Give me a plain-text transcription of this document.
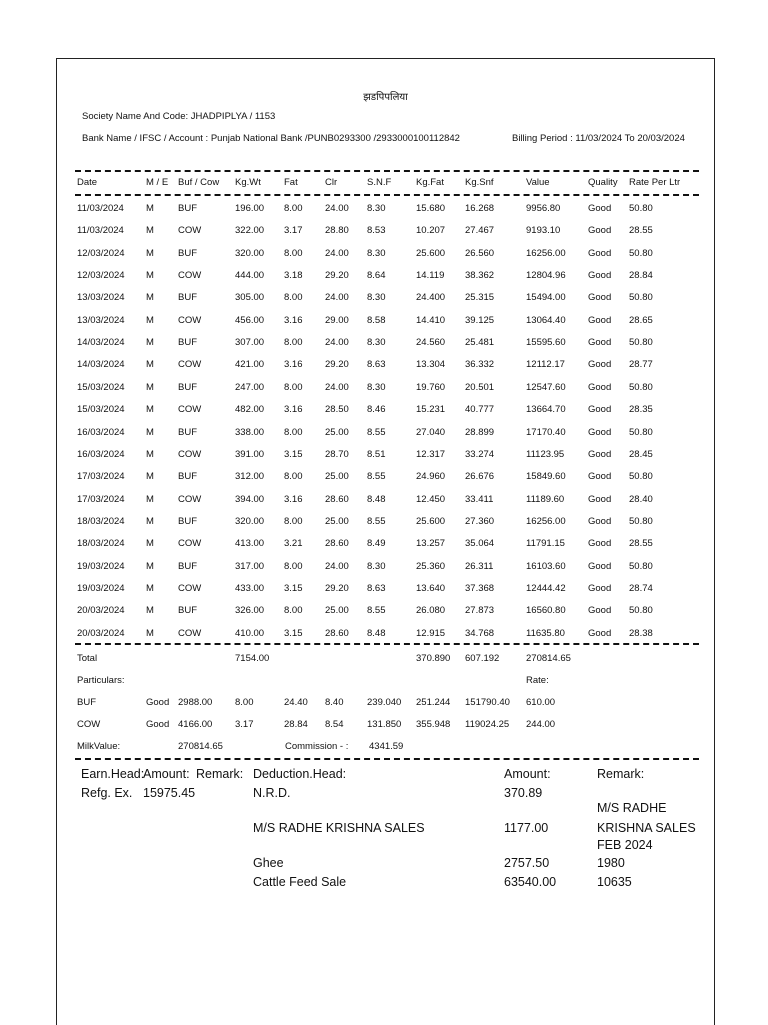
झडपिपलिया
Society Name And Code: JHADPIPLYA / 1153
Bank Name / IFSC / Account : Punjab National Bank /PUNB0293300 /2933000100112842	Billing Period : 11/03/2024 To 20/03/2024
Date	M / E Buf / Cow Kg.Wt Fat	Clr	S.N.F	Kg.Fat Kg.Snf	Value	Quality Rate Per Ltr
11/03/2024 M	BUF	196.00 8.00 24.00 8.30	15.680 16.268	9956.80	Good 50.80
11/03/2024 M	COW	322.00 3.17 28.80 8.53	10.207 27.467	9193.10	Good 28.55
12/03/2024 M	BUF	320.00 8.00 24.00 8.30	25.600 26.560	16256.00 Good 50.80
12/03/2024 M	COW	444.00 3.18 29.20 8.64	14.119 38.362	12804.96 Good 28.84
13/03/2024 M	BUF	305.00 8.00 24.00 8.30	24.400 25.315	15494.00 Good 50.80
13/03/2024 M	COW	456.00 3.16 29.00 8.58	14.410 39.125	13064.40 Good 28.65
14/03/2024 M	BUF	307.00 8.00 24.00 8.30	24.560 25.481	15595.60 Good 50.80
14/03/2024 M	COW	421.00 3.16 29.20 8.63	13.304 36.332	12112.17 Good 28.77
15/03/2024 M	BUF	247.00 8.00 24.00 8.30	19.760 20.501	12547.60 Good 50.80
15/03/2024 M	COW	482.00 3.16 28.50 8.46	15.231 40.777	13664.70 Good 28.35
16/03/2024 M	BUF	338.00 8.00 25.00 8.55	27.040 28.899	17170.40 Good 50.80
16/03/2024 M	COW	391.00 3.15 28.70 8.51	12.317 33.274	11123.95	Good 28.45
17/03/2024 M	BUF	312.00 8.00 25.00 8.55	24.960 26.676	15849.60 Good 50.80
17/03/2024 M	COW	394.00 3.16 28.60 8.48	12.450 33.411	11189.60	Good 28.40
18/03/2024 M	BUF	320.00 8.00 25.00 8.55	25.600 27.360	16256.00 Good 50.80
18/03/2024 M	COW	413.00 3.21 28.60 8.49	13.257 35.064	11791.15 Good 28.55
19/03/2024 M	BUF	317.00 8.00 24.00 8.30	25.360 26.311	16103.60 Good 50.80
19/03/2024 M	COW	433.00 3.15 29.20 8.63	13.640 37.368	12444.42 Good 28.74
20/03/2024 M	BUF	326.00 8.00 25.00 8.55	26.080 27.873	16560.80 Good 50.80
20/03/2024 M	COW	410.00 3.15 28.60 8.48	12.915 34.768	11635.80 Good 28.38
Total	7154.00	370.890 607.192	270814.65
Particulars:	Rate:
BUF	Good 2988.00 8.00	24.40 8.40 239.040 251.244 151790.40 610.00
COW	Good 4166.00 3.17	28.84 8.54 131.850 355.948 119024.25 244.00
MilkValue:	270814.65	Commission - : 4341.59
Earn.Head:
Amount: Remark: Deduction.Head:	Amount:	Remark:
Refg. Ex. 15975.45	N.R.D.	370.89
M/S RADHE
M/S RADHE KRISHNA SALES	1177.00	KRISHNA SALES
FEB 2024
Ghee	2757.50	1980
Cattle Feed Sale	63540.00	10635
